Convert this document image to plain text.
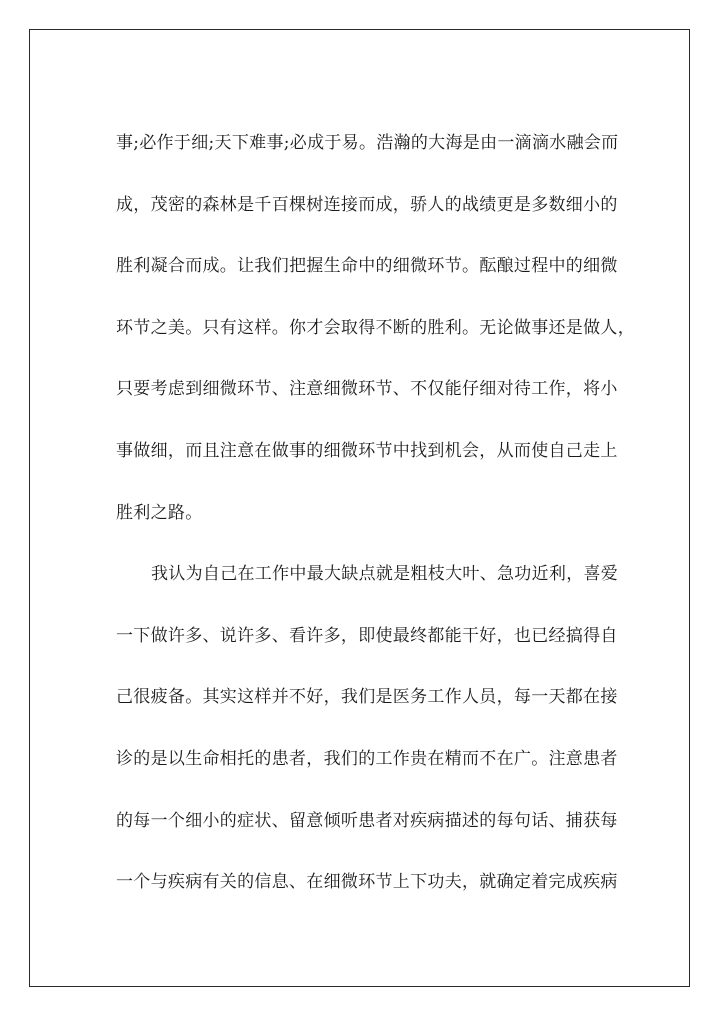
事;必作于细;天下难事;必成于易。浩瀚的大海是由一滴滴水融会而
成，茂密的森林是千百棵树连接而成，骄人的战绩更是多数细小的
胜利凝合而成。让我们把握生命中的细微环节。酝酿过程中的细微
环节之美。只有这样。你才会取得不断的胜利。无论做事还是做人，
只要考虑到细微环节、注意细微环节、不仅能仔细对待工作，将小
事做细，而且注意在做事的细微环节中找到机会，从而使自己走上
胜利之路。
我认为自己在工作中最大缺点就是粗枝大叶、急功近利，喜爱
一下做许多、说许多、看许多，即使最终都能干好，也已经搞得自
己很疲备。其实这样并不好，我们是医务工作人员，每一天都在接
诊的是以生命相托的患者，我们的工作贵在精而不在广。注意患者
的每一个细小的症状、留意倾听患者对疾病描述的每句话、捕获每
一个与疾病有关的信息、在细微环节上下功夫，就确定着完成疾病
